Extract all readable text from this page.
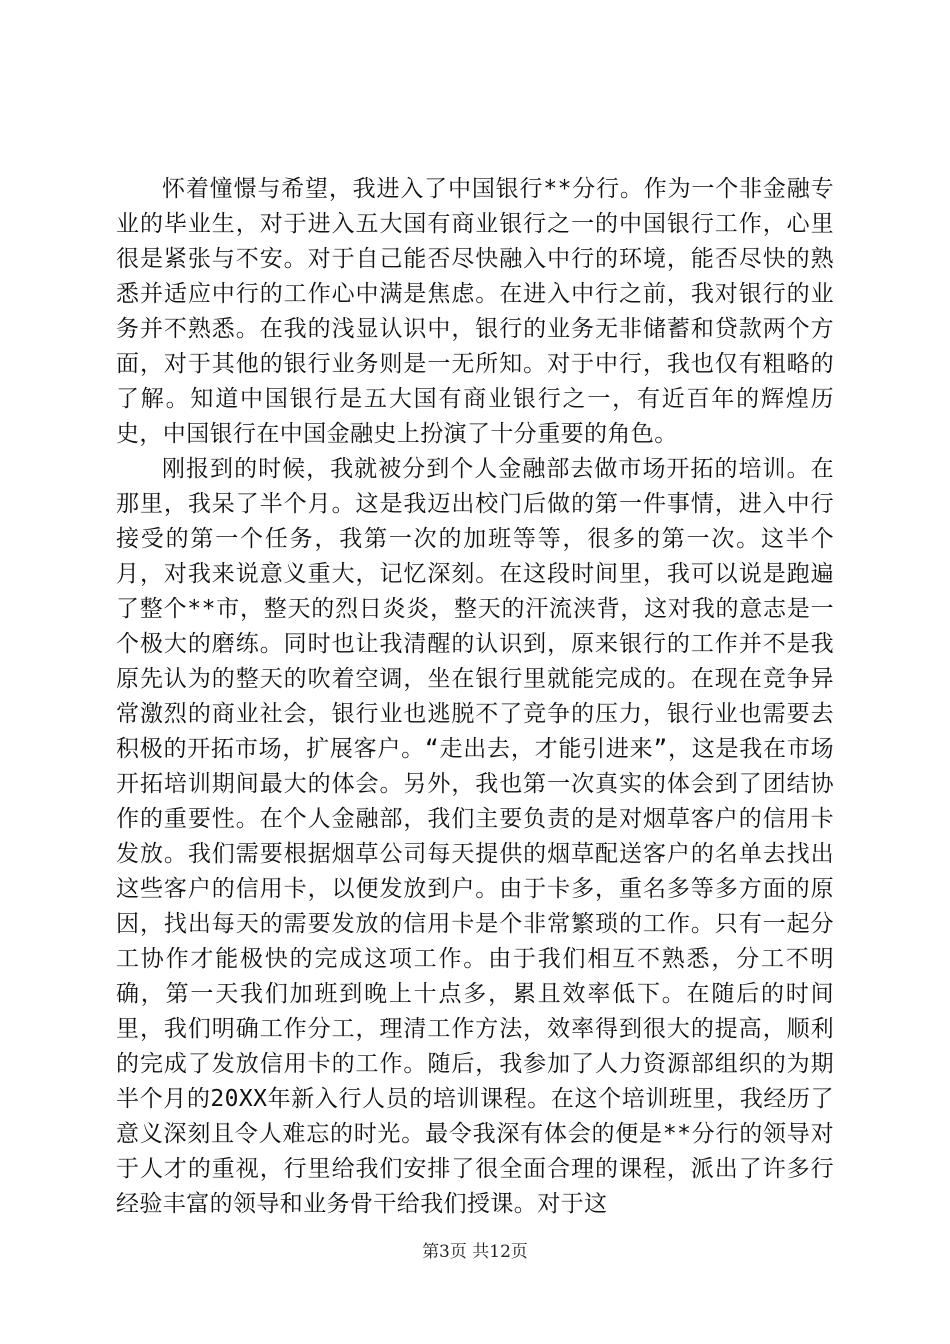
怀着憧憬与希望，我进入了中国银行**分行。作为一个非金融专业的毕业生，对于进入五大国有商业银行之一的中国银行工作，心里很是紧张与不安。对于自己能否尽快融入中行的环境，能否尽快的熟悉并适应中行的工作心中满是焦虑。在进入中行之前，我对银行的业务并不熟悉。在我的浅显认识中，银行的业务无非储蓄和贷款两个方面，对于其他的银行业务则是一无所知。对于中行，我也仅有粗略的了解。知道中国银行是五大国有商业银行之一，有近百年的辉煌历史，中国银行在中国金融史上扮演了十分重要的角色。

刚报到的时候，我就被分到个人金融部去做市场开拓的培训。在那里，我呆了半个月。这是我迈出校门后做的第一件事情，进入中行接受的第一个任务，我第一次的加班等等，很多的第一次。这半个月，对我来说意义重大，记忆深刻。在这段时间里，我可以说是跑遍了整个**市，整天的烈日炎炎，整天的汗流浃背，这对我的意志是一个极大的磨练。同时也让我清醒的认识到，原来银行的工作并不是我原先认为的整天的吹着空调，坐在银行里就能完成的。在现在竞争异常激烈的商业社会，银行业也逃脱不了竞争的压力，银行业也需要去积极的开拓市场，扩展客户。“走出去，才能引进来”，这是我在市场开拓培训期间最大的体会。另外，我也第一次真实的体会到了团结协作的重要性。在个人金融部，我们主要负责的是对烟草客户的信用卡发放。我们需要根据烟草公司每天提供的烟草配送客户的名单去找出这些客户的信用卡，以便发放到户。由于卡多，重名多等多方面的原因，找出每天的需要发放的信用卡是个非常繁琐的工作。只有一起分工协作才能极快的完成这项工作。由于我们相互不熟悉，分工不明确，第一天我们加班到晚上十点多，累且效率低下。在随后的时间里，我们明确工作分工，理清工作方法，效率得到很大的提高，顺利的完成了发放信用卡的工作。随后，我参加了人力资源部组织的为期半个月的20XX年新入行人员的培训课程。在这个培训班里，我经历了意义深刻且令人难忘的时光。最令我深有体会的便是**分行的领导对于人才的重视，行里给我们安排了很全面合理的课程，派出了许多行经验丰富的领导和业务骨干给我们授课。对于这

第3页 共12页
